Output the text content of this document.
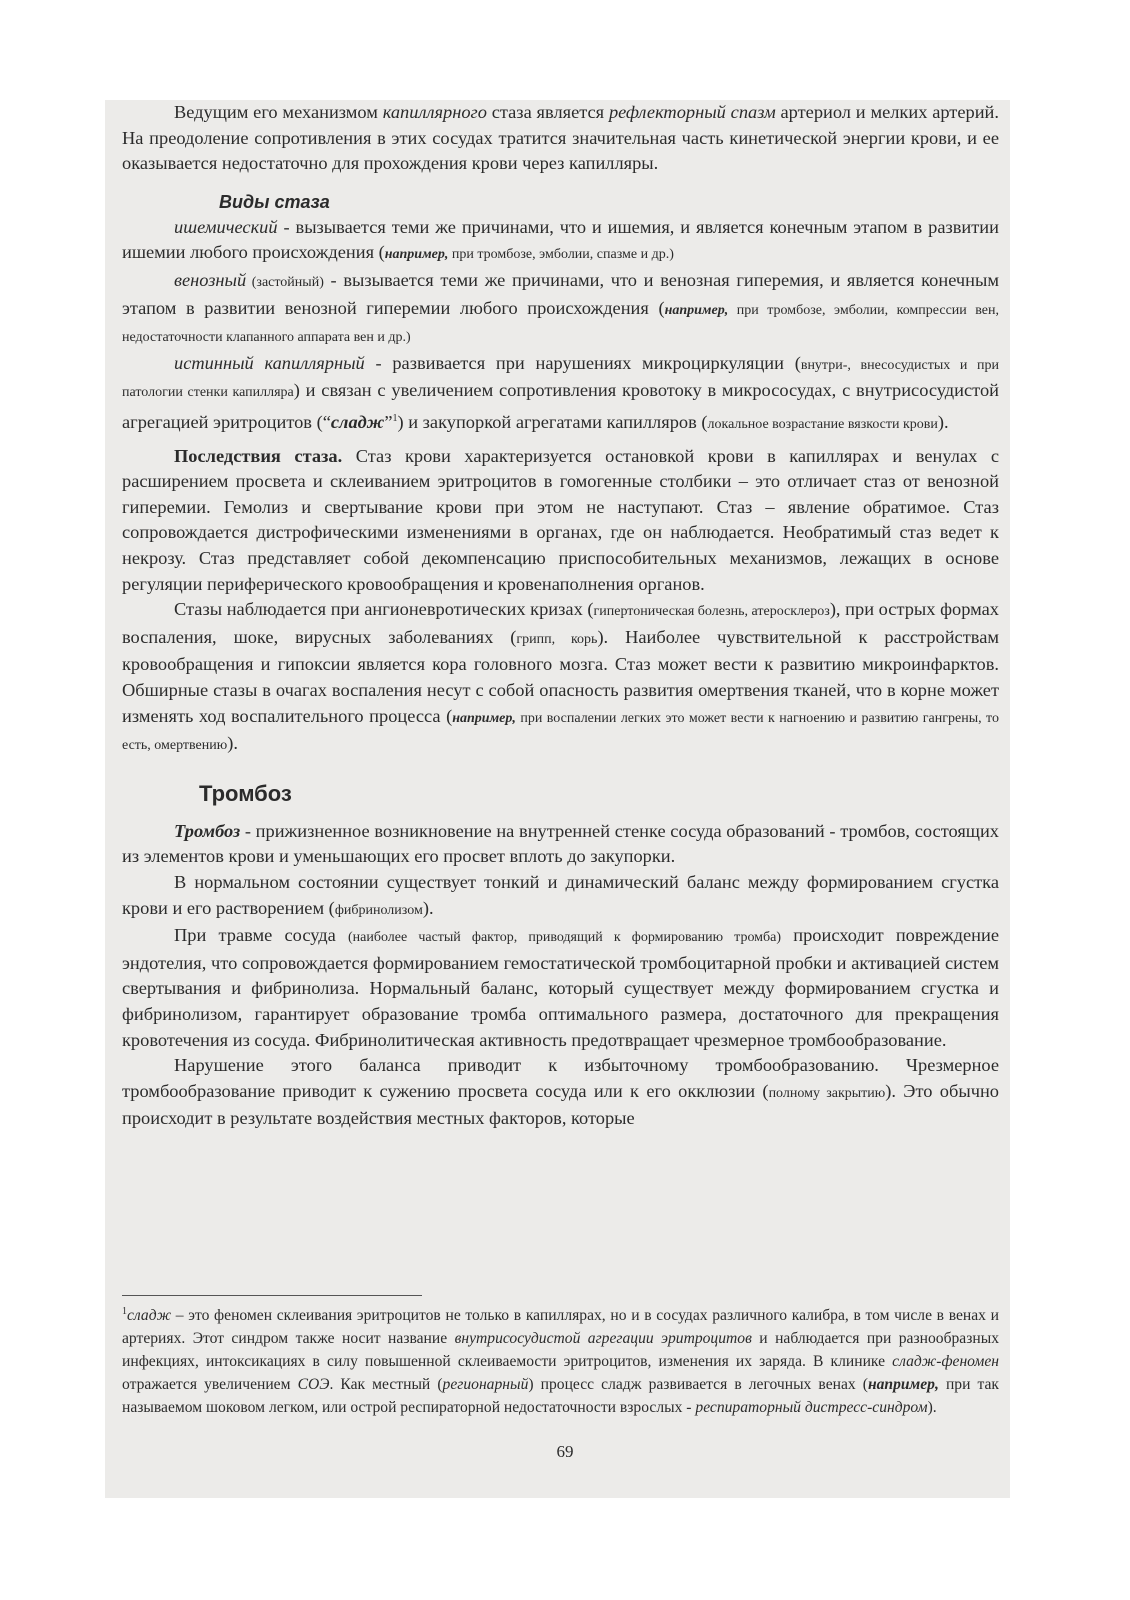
Ведущим его механизмом капиллярного стаза является рефлекторный спазм артериол и мелких артерий. На преодоление сопротивления в этих сосудах тратится значительная часть кинетической энергии крови, и ее оказывается недостаточно для прохождения крови через капилляры.

Виды стаза

ишемический - вызывается теми же причинами, что и ишемия, и является конечным этапом в развитии ишемии любого происхождения (например, при тромбозе, эмболии, спазме и др.)

венозный (застойный) - вызывается теми же причинами, что и венозная гиперемия, и является конечным этапом в развитии венозной гиперемии любого происхождения (например, при тромбозе, эмболии, компрессии вен, недостаточности клапанного аппарата вен и др.)

истинный капиллярный - развивается при нарушениях микроциркуляции (внутри-, внесосудистых и при патологии стенки капилляра) и связан с увеличением сопротивления кровотоку в микрососудах, с внутрисосудистой агрегацией эритроцитов (“сладж”$^1$) и закупоркой агрегатами капилляров (локальное возрастание вязкости крови).

Последствия стаза. Стаз крови характеризуется остановкой крови в капиллярах и венулах с расширением просвета и склеиванием эритроцитов в гомогенные столбики – это отличает стаз от венозной гиперемии. Гемолиз и свертывание крови при этом не наступают. Стаз – явление обратимое. Стаз сопровождается дистрофическими изменениями в органах, где он наблюдается. Необратимый стаз ведет к некрозу. Стаз представляет собой декомпенсацию приспособительных механизмов, лежащих в основе регуляции периферического кровообращения и кровенаполнения органов.

Стазы наблюдается при ангионевротических кризах (гипертоническая болезнь, атеросклероз), при острых формах воспаления, шоке, вирусных заболеваниях (грипп, корь). Наиболее чувствительной к расстройствам кровообращения и гипоксии является кора головного мозга. Стаз может вести к развитию микроинфарктов. Обширные стазы в очагах воспаления несут с собой опасность развития омертвения тканей, что в корне может изменять ход воспалительного процесса (например, при воспалении легких это может вести к нагноению и развитию гангрены, то есть, омертвению).

Тромбоз

Тромбоз - прижизненное возникновение на внутренней стенке сосуда образований - тромбов, состоящих из элементов крови и уменьшающих его просвет вплоть до закупорки.

В нормальном состоянии существует тонкий и динамический баланс между формированием сгустка крови и его растворением (фибринолизом).

При травме сосуда (наиболее частый фактор, приводящий к формированию тромба) происходит повреждение эндотелия, что сопровождается формированием гемостатической тромбоцитарной пробки и активацией систем свертывания и фибринолиза. Нормальный баланс, который существует между формированием сгустка и фибринолизом, гарантирует образование тромба оптимального размера, достаточного для прекращения кровотечения из сосуда. Фибринолитическая активность предотвращает чрезмерное тромбообразование.

Нарушение этого баланса приводит к избыточному тромбообразованию. Чрезмерное тромбообразование приводит к сужению просвета сосуда или к его окклюзии (полному закрытию). Это обычно происходит в результате воздействия местных факторов, которые

$^1$сладж – это феномен склеивания эритроцитов не только в капиллярах, но и в сосудах различного калибра, в том числе в венах и артериях. Этот синдром также носит название внутрисосудистой агрегации эритроцитов и наблюдается при разнообразных инфекциях, интоксикациях в силу повышенной склеиваемости эритроцитов, изменения их заряда. В клинике сладж-феномен отражается увеличением СОЭ. Как местный (регионарный) процесс сладж развивается в легочных венах (например, при так называемом шоковом легком, или острой респираторной недостаточности взрослых - респираторный дистресс-синдром).
69
